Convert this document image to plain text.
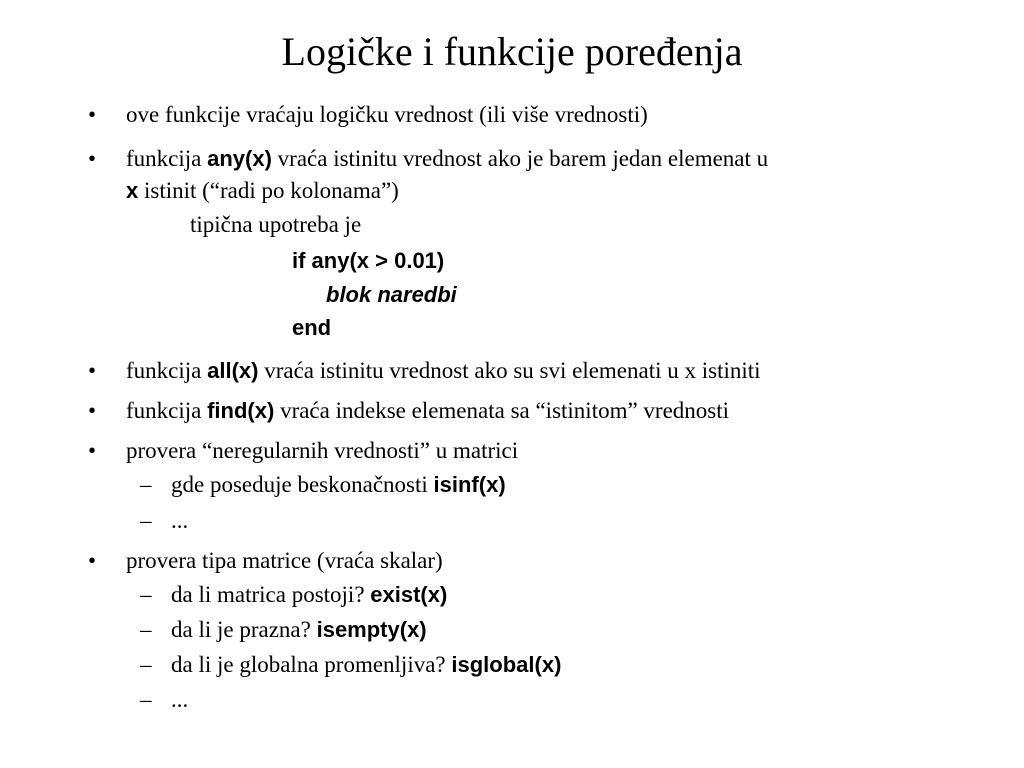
Logičke i funkcije poređenja
•	ove funkcije vraćaju logičku vrednost (ili više vrednosti)
•	funkcija any(x) vraća istinitu vrednost ako je barem jedan elemenat u
x istinit (“radi po kolonama”)
tipična upotreba je
if any(x > 0.01)
blok naredbi
end
•	funkcija all(x) vraća istinitu vrednost ako su svi elemenati u x istiniti
•	funkcija find(x) vraća indekse elemenata sa “istinitom” vrednosti
•	provera “neregularnih vrednosti” u matrici
– gde poseduje beskonačnosti isinf(x)
– ...
•	provera tipa matrice (vraća skalar)
– da li matrica postoji? exist(x)
– da li je prazna? isempty(x)
– da li je globalna promenljiva? isglobal(x)
– ...
